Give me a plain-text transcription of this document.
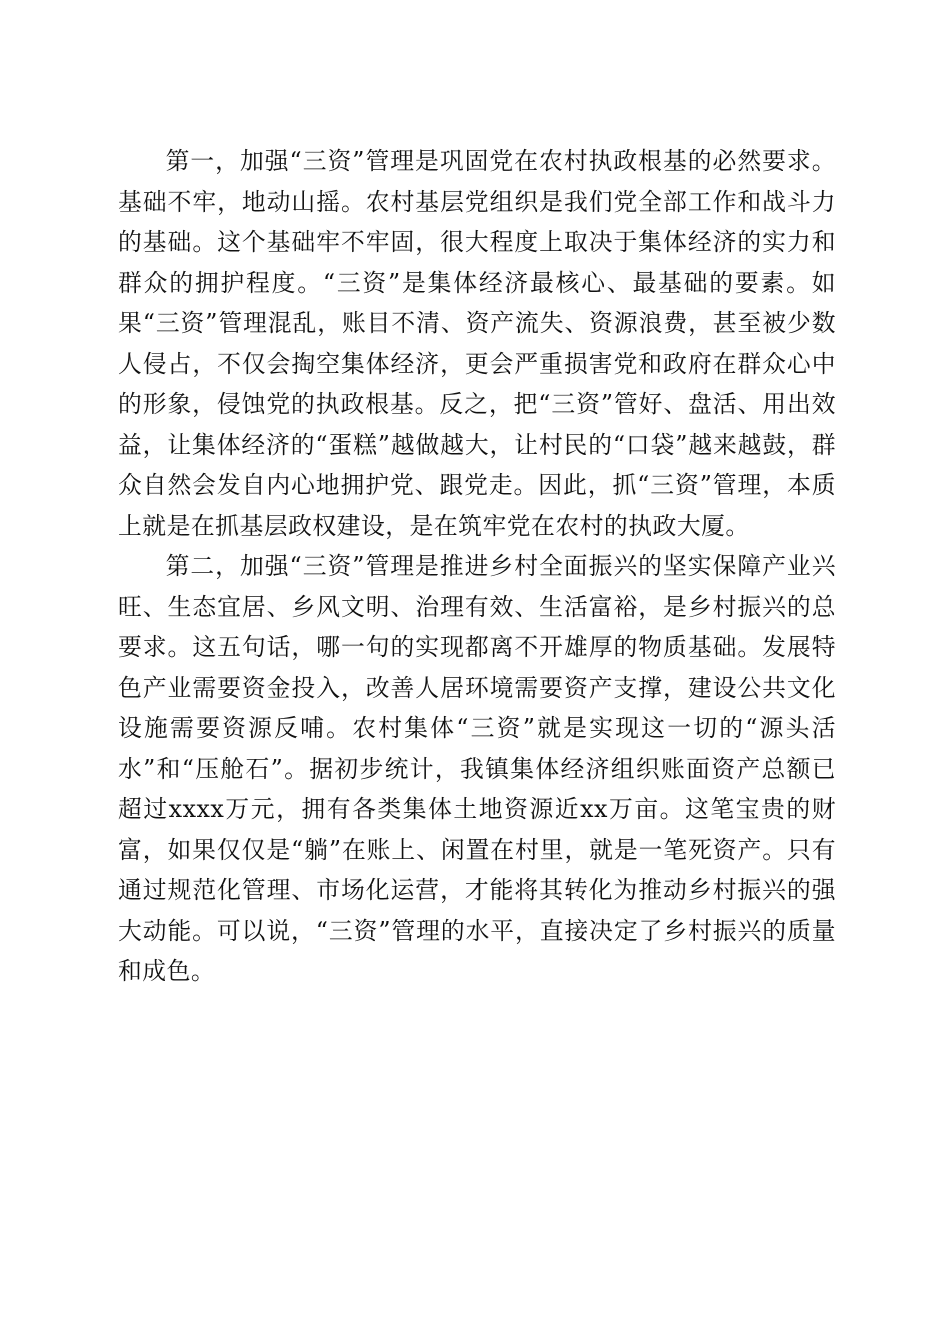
第一，加强“三资”管理是巩固党在农村执政根基的必然要求。基础不牢，地动山摇。农村基层党组织是我们党全部工作和战斗力的基础。这个基础牢不牢固，很大程度上取决于集体经济的实力和群众的拥护程度。“三资”是集体经济最核心、最基础的要素。如果“三资”管理混乱，账目不清、资产流失、资源浪费，甚至被少数人侵占，不仅会掏空集体经济，更会严重损害党和政府在群众心中的形象，侵蚀党的执政根基。反之，把“三资”管好、盘活、用出效益，让集体经济的“蛋糕”越做越大，让村民的“口袋”越来越鼓，群众自然会发自内心地拥护党、跟党走。因此，抓“三资”管理，本质上就是在抓基层政权建设，是在筑牢党在农村的执政大厦。

第二，加强“三资”管理是推进乡村全面振兴的坚实保障产业兴旺、生态宜居、乡风文明、治理有效、生活富裕，是乡村振兴的总要求。这五句话，哪一句的实现都离不开雄厚的物质基础。发展特色产业需要资金投入，改善人居环境需要资产支撑，建设公共文化设施需要资源反哺。农村集体“三资”就是实现这一切的“源头活水”和“压舱石”。据初步统计，我镇集体经济组织账面资产总额已超过xxxx万元，拥有各类集体土地资源近xx万亩。这笔宝贵的财富，如果仅仅是“躺”在账上、闲置在村里，就是一笔死资产。只有通过规范化管理、市场化运营，才能将其转化为推动乡村振兴的强大动能。可以说，“三资”管理的水平，直接决定了乡村振兴的质量和成色。
